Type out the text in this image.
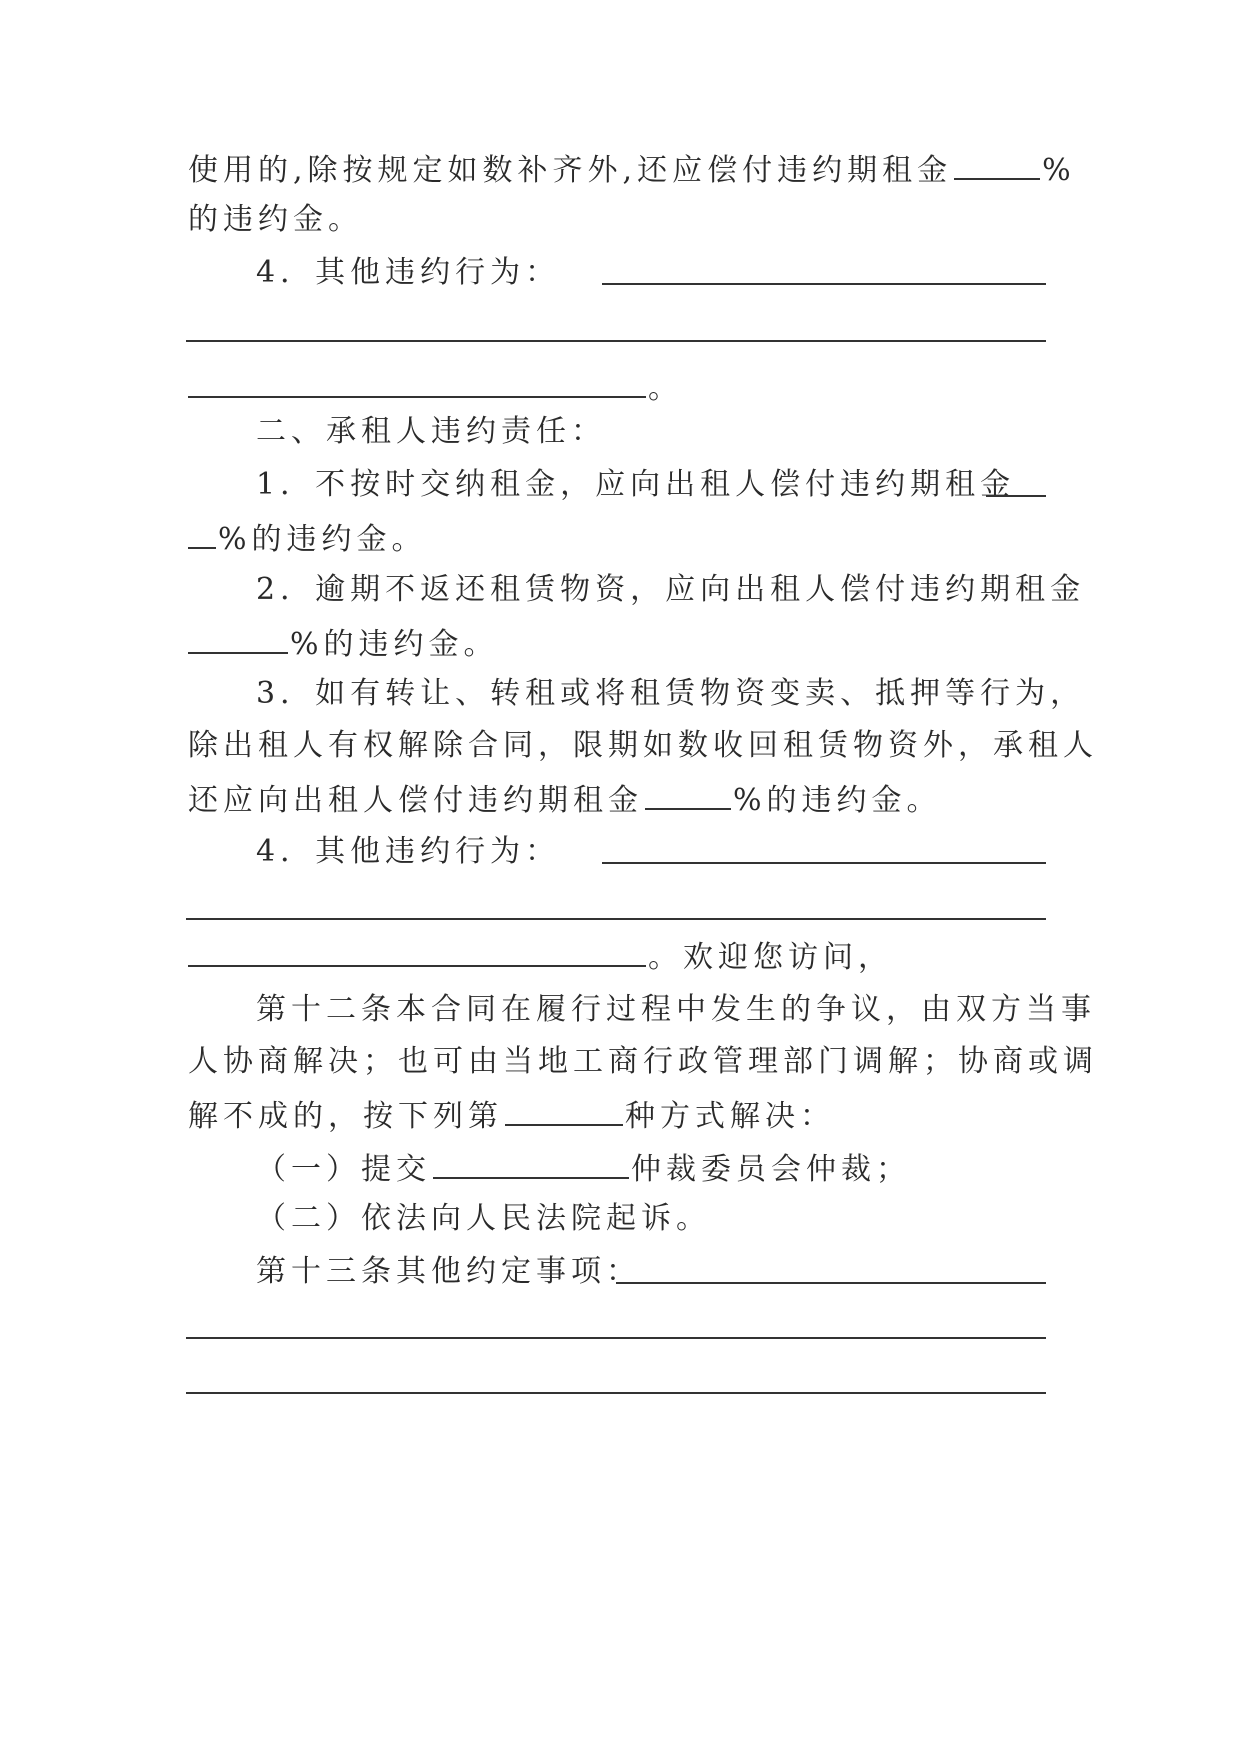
使用的,除按规定如数补齐外,还应偿付违约期租金	%
的违约金。
4．其他违约行为：
。
二、承租人违约责任：
1．不按时交纳租金，应向出租人偿付违约期租金
%的违约金。
2．逾期不返还租赁物资，应向出租人偿付违约期租金
%的违约金。
3．如有转让、转租或将租赁物资变卖、抵押等行为，
除出租人有权解除合同，限期如数收回租赁物资外，承租人
还应向出租人偿付违约期租金	%的违约金。
4．其他违约行为：
。欢迎您访问，
第十二条本合同在履行过程中发生的争议，由双方当事
人协商解决；也可由当地工商行政管理部门调解；协商或调
解不成的，按下列第	种方式解决：
（一）提交	仲裁委员会仲裁；
（二）依法向人民法院起诉。
第十三条其他约定事项：
